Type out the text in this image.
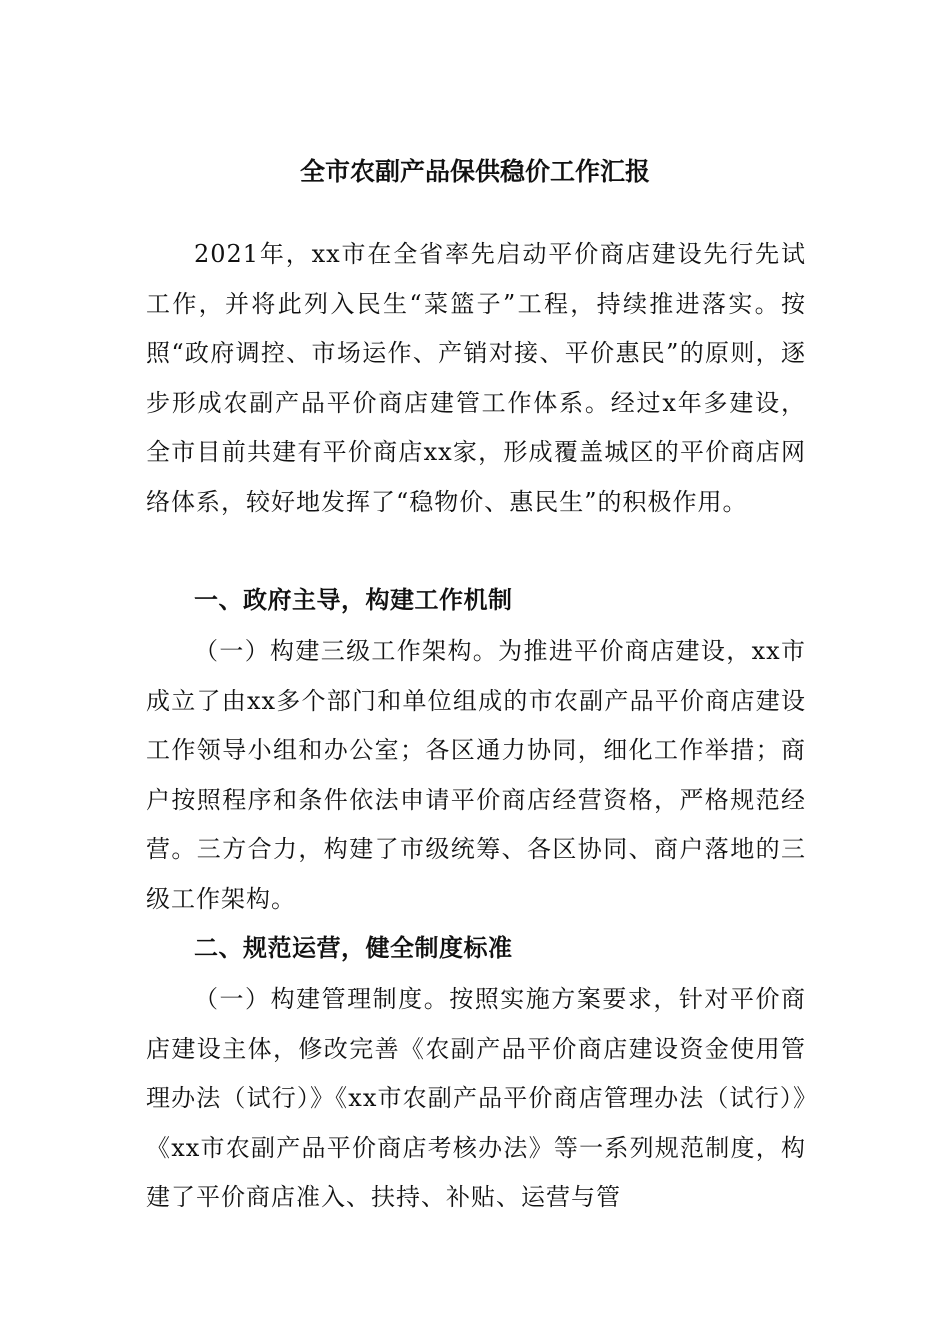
全市农副产品保供稳价工作汇报

2021年，xx市在全省率先启动平价商店建设先行先试工作，并将此列入民生“菜篮子”工程，持续推进落实。按照“政府调控、市场运作、产销对接、平价惠民”的原则，逐步形成农副产品平价商店建管工作体系。经过x年多建设，全市目前共建有平价商店xx家，形成覆盖城区的平价商店网络体系，较好地发挥了“稳物价、惠民生”的积极作用。

一、政府主导，构建工作机制

（一）构建三级工作架构。为推进平价商店建设，xx市成立了由xx多个部门和单位组成的市农副产品平价商店建设工作领导小组和办公室；各区通力协同，细化工作举措；商户按照程序和条件依法申请平价商店经营资格，严格规范经营。三方合力，构建了市级统筹、各区协同、商户落地的三级工作架构。

二、规范运营，健全制度标准

（一）构建管理制度。按照实施方案要求，针对平价商店建设主体，修改完善《农副产品平价商店建设资金使用管理办法（试行）》《xx市农副产品平价商店管理办法（试行）》《xx市农副产品平价商店考核办法》等一系列规范制度，构建了平价商店准入、扶持、补贴、运营与管
